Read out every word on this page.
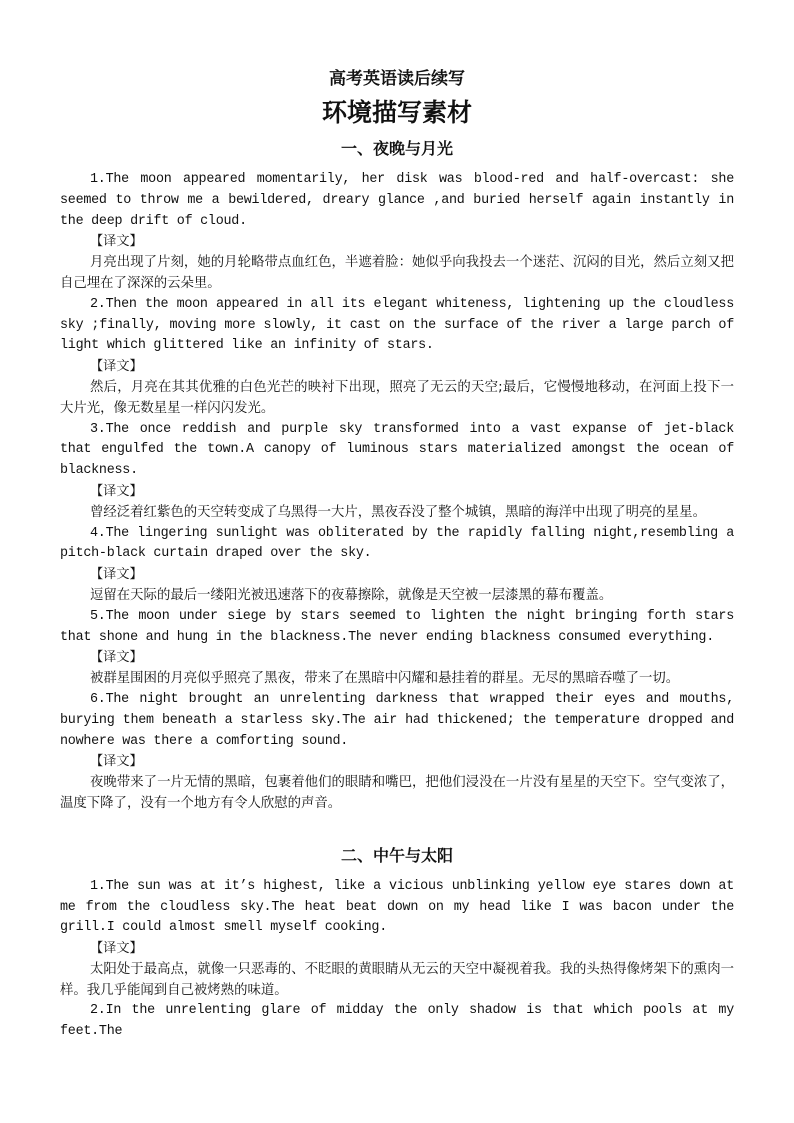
高考英语读后续写

环境描写素材

一、夜晚与月光

1.The moon appeared momentarily, her disk was blood-red and half-overcast: she seemed to throw me a bewildered, dreary glance ,and buried herself again instantly in the deep drift of cloud.

【译文】

月亮出现了片刻，她的月轮略带点血红色，半遮着脸：她似乎向我投去一个迷茫、沉闷的目光，然后立刻又把自己埋在了深深的云朵里。

2.Then the moon appeared in all its elegant whiteness, lightening up the cloudless sky ;finally, moving more slowly, it cast on the surface of the river a large parch of light which glittered like an infinity of stars.

【译文】

然后，月亮在其其优雅的白色光芒的映衬下出现，照亮了无云的天空;最后，它慢慢地移动，在河面上投下一大片光，像无数星星一样闪闪发光。

3.The once reddish and purple sky transformed into a vast expanse of jet-black that engulfed the town.A canopy of luminous stars materialized amongst the ocean of blackness.

【译文】

曾经泛着红紫色的天空转变成了乌黑得一大片，黑夜吞没了整个城镇，黑暗的海洋中出现了明亮的星星。

4.The lingering sunlight was obliterated by the rapidly falling night,resembling a pitch-black curtain draped over the sky.

【译文】

逗留在天际的最后一缕阳光被迅速落下的夜幕擦除，就像是天空被一层漆黑的幕布覆盖。

5.The moon under siege by stars seemed to lighten the night bringing forth stars that shone and hung in the blackness.The never ending blackness consumed everything.

【译文】

被群星围困的月亮似乎照亮了黑夜，带来了在黑暗中闪耀和悬挂着的群星。无尽的黑暗吞噬了一切。

6.The night brought an unrelenting darkness that wrapped their eyes and mouths, burying them beneath a starless sky.The air had thickened; the temperature dropped and nowhere was there a comforting sound.

【译文】

夜晚带来了一片无情的黑暗，包裹着他们的眼睛和嘴巴，把他们浸没在一片没有星星的天空下。空气变浓了，温度下降了，没有一个地方有令人欣慰的声音。

二、中午与太阳

1.The sun was at it’s highest, like a vicious unblinking yellow eye stares down at me from the cloudless sky.The heat beat down on my head like I was bacon under the grill.I could almost smell myself cooking.

【译文】

太阳处于最高点，就像一只恶毒的、不眨眼的黄眼睛从无云的天空中凝视着我。我的头热得像烤架下的熏肉一样。我几乎能闻到自己被烤熟的味道。

2.In the unrelenting glare of midday the only shadow is that which pools at my feet.The
